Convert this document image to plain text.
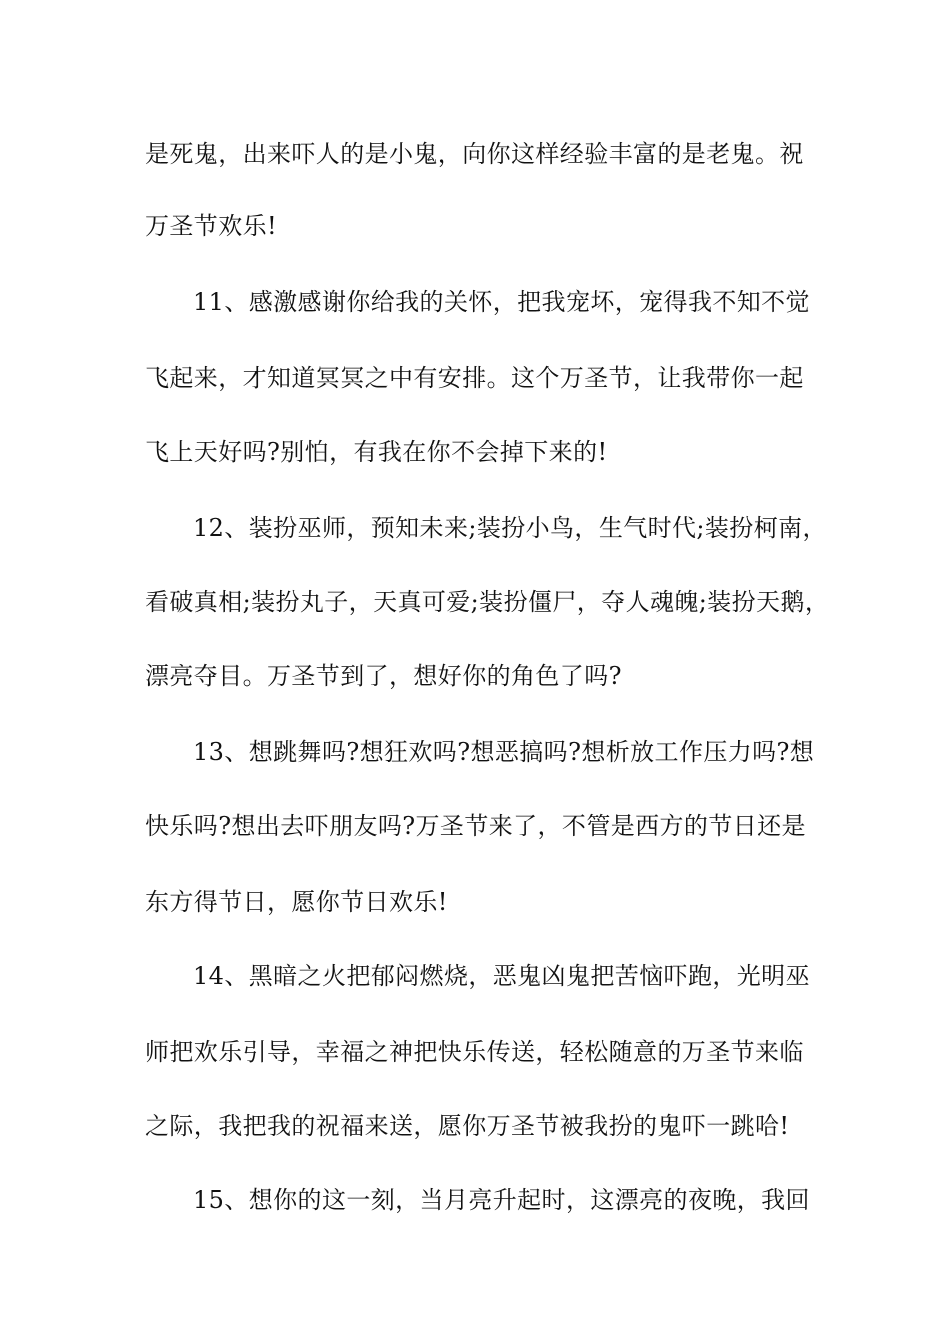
是死鬼，出来吓人的是小鬼，向你这样经验丰富的是老鬼。祝
万圣节欢乐!
11、感激感谢你给我的关怀，把我宠坏，宠得我不知不觉
飞起来，才知道冥冥之中有安排。这个万圣节，让我带你一起
飞上天好吗?别怕，有我在你不会掉下来的!
12、装扮巫师，预知未来;装扮小鸟，生气时代;装扮柯南，
看破真相;装扮丸子，天真可爱;装扮僵尸，夺人魂魄;装扮天鹅，
漂亮夺目。万圣节到了，想好你的角色了吗?
13、想跳舞吗?想狂欢吗?想恶搞吗?想析放工作压力吗?想
快乐吗?想出去吓朋友吗?万圣节来了，不管是西方的节日还是
东方得节日，愿你节日欢乐!
14、黑暗之火把郁闷燃烧，恶鬼凶鬼把苦恼吓跑，光明巫
师把欢乐引导，幸福之神把快乐传送，轻松随意的万圣节来临
之际，我把我的祝福来送，愿你万圣节被我扮的鬼吓一跳哈!
15、想你的这一刻，当月亮升起时，这漂亮的夜晚，我回
